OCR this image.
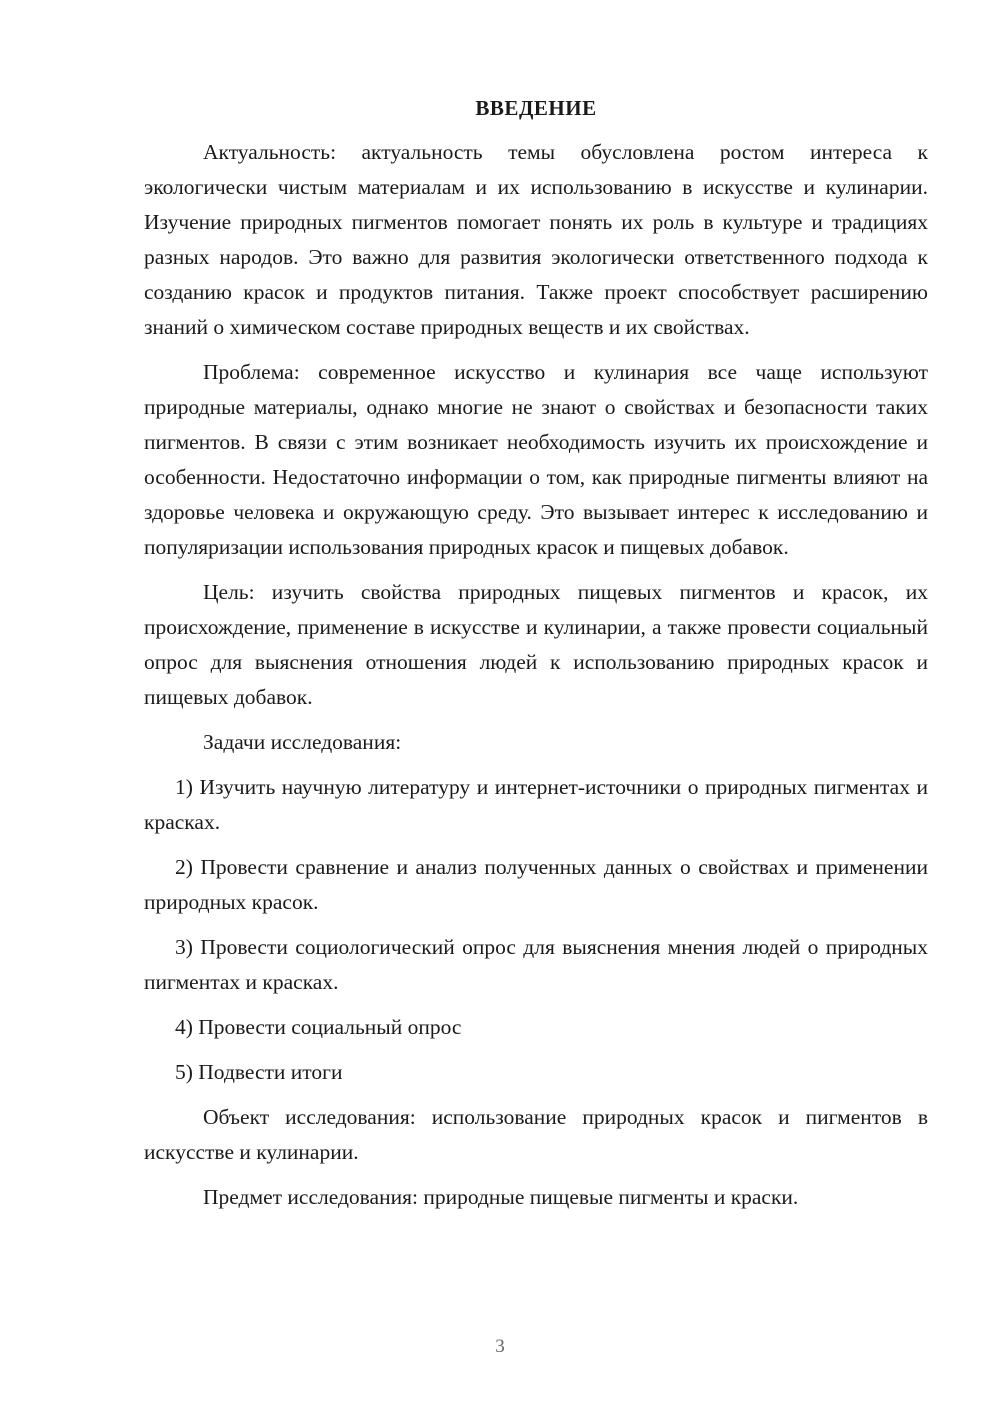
ВВЕДЕНИЕ

Актуальность: актуальность темы обусловлена ростом интереса к экологически чистым материалам и их использованию в искусстве и кулинарии. Изучение природных пигментов помогает понять их роль в культуре и традициях разных народов. Это важно для развития экологически ответственного подхода к созданию красок и продуктов питания. Также проект способствует расширению знаний о химическом составе природных веществ и их свойствах.

Проблема: современное искусство и кулинария все чаще используют природные материалы, однако многие не знают о свойствах и безопасности таких пигментов. В связи с этим возникает необходимость изучить их происхождение и особенности. Недостаточно информации о том, как природные пигменты влияют на здоровье человека и окружающую среду. Это вызывает интерес к исследованию и популяризации использования природных красок и пищевых добавок.

Цель: изучить свойства природных пищевых пигментов и красок, их происхождение, применение в искусстве и кулинарии, а также провести социальный опрос для выяснения отношения людей к использованию природных красок и пищевых добавок.

Задачи исследования:

1) Изучить научную литературу и интернет-источники о природных пигментах и красках.

2) Провести сравнение и анализ полученных данных о свойствах и применении природных красок.

3) Провести социологический опрос для выяснения мнения людей о природных пигментах и красках.

4) Провести социальный опрос

5) Подвести итоги

Объект исследования: использование природных красок и пигментов в искусстве и кулинарии.

Предмет исследования: природные пищевые пигменты и краски.

3
